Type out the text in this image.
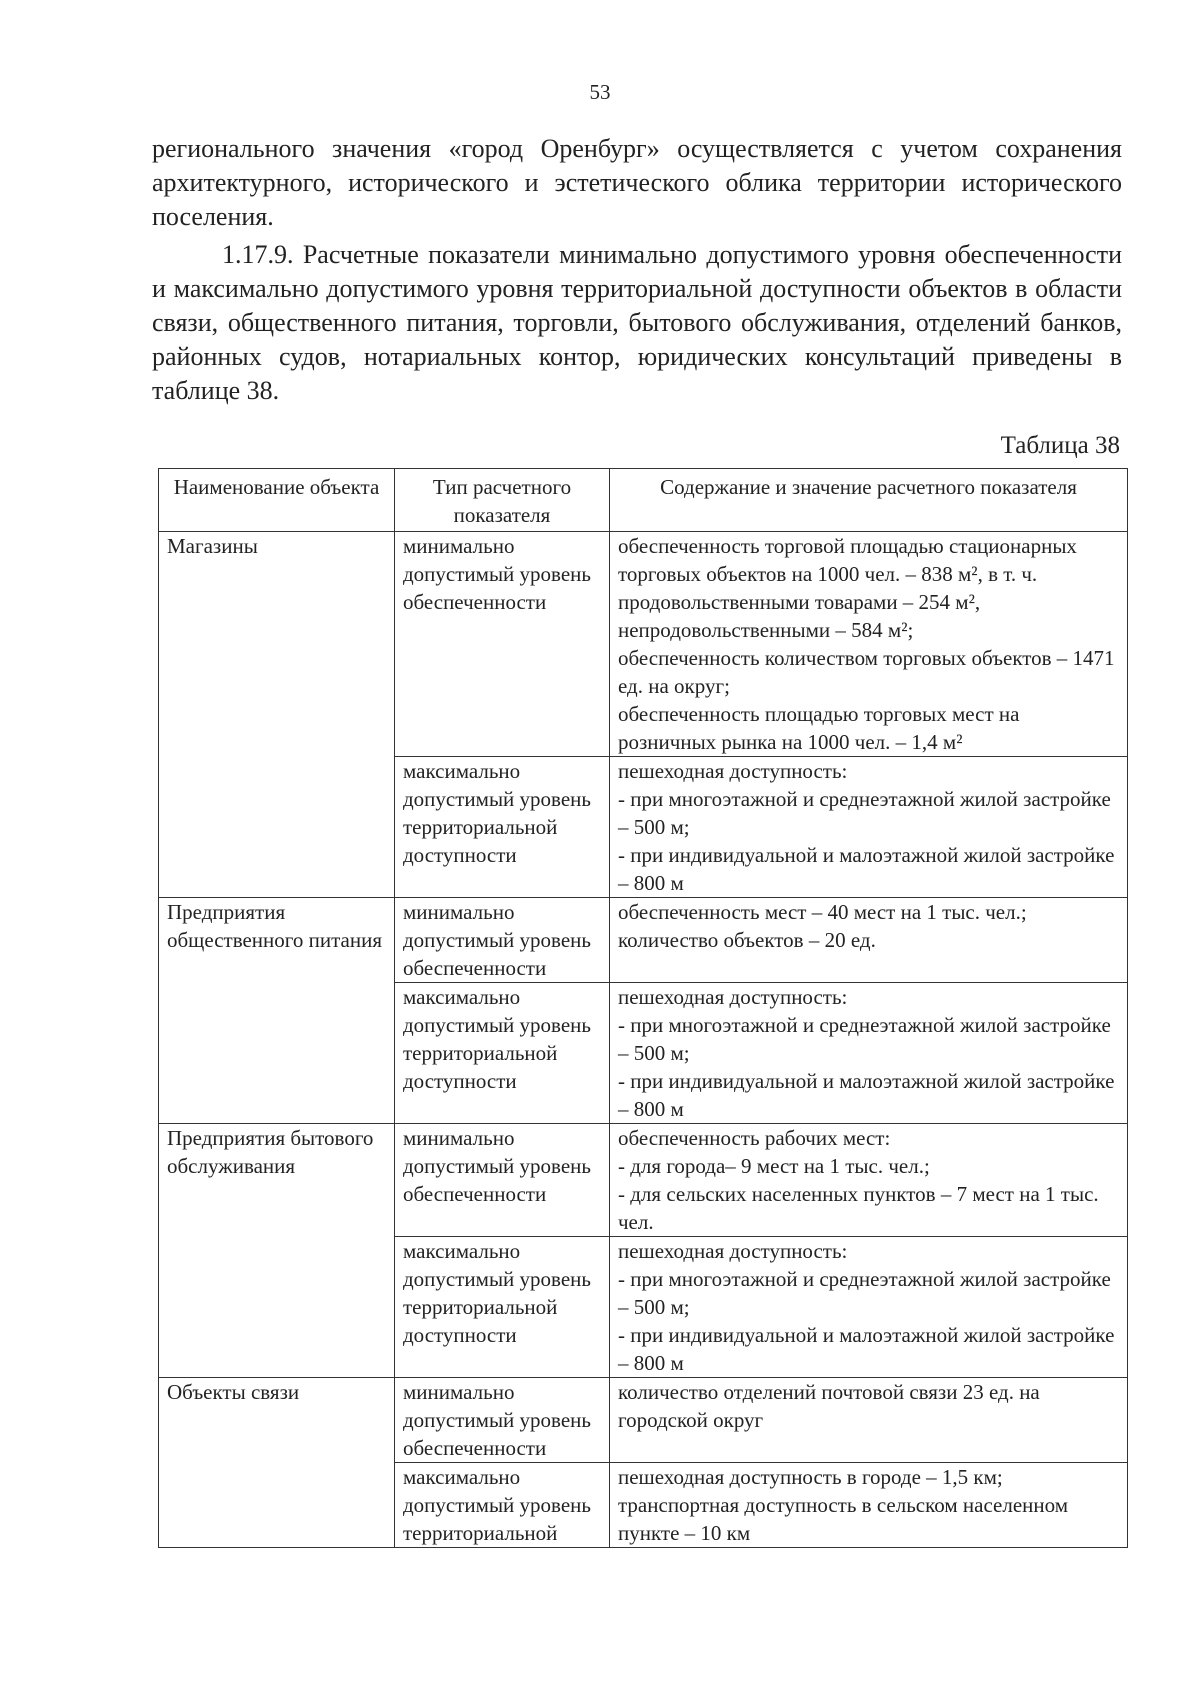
53
регионального значения «город Оренбург» осуществляется с учетом сохранения архитектурного, исторического и эстетического облика территории исторического поселения.
1.17.9. Расчетные показатели минимально допустимого уровня обеспеченности и максимально допустимого уровня территориальной доступности объектов в области связи, общественного питания, торговли, бытового обслуживания, отделений банков, районных судов, нотариальных контор, юридических консультаций приведены в таблице 38.
Таблица 38
Наименование объекта	Тип расчетного показателя	Содержание и значение расчетного показателя
Магазины	минимально допустимый уровень обеспеченности	обеспеченность торговой площадью стационарных торговых объектов на 1000 чел. – 838 м², в т. ч. продовольственными товарами – 254 м², непродовольственными – 584 м²;
обеспеченность количеством торговых объектов – 1471 ед. на округ;
обеспеченность площадью торговых мест на розничных рынка на 1000 чел. – 1,4 м²

	максимально допустимый уровень территориальной доступности	пешеходная доступность:
- при многоэтажной и среднеэтажной жилой застройке – 500 м;
- при индивидуальной и малоэтажной жилой застройке – 800 м

Предприятия общественного питания	минимально допустимый уровень обеспеченности	обеспеченность мест – 40 мест на 1 тыс. чел.;
количество объектов – 20 ед.

	максимально допустимый уровень территориальной доступности	пешеходная доступность:
- при многоэтажной и среднеэтажной жилой застройке – 500 м;
- при индивидуальной и малоэтажной жилой застройке – 800 м

Предприятия бытового обслуживания	минимально допустимый уровень обеспеченности	обеспеченность рабочих мест:
- для города– 9 мест на 1 тыс. чел.;
- для сельских населенных пунктов – 7 мест на 1 тыс. чел.

	максимально допустимый уровень территориальной доступности	пешеходная доступность:
- при многоэтажной и среднеэтажной жилой застройке – 500 м;
- при индивидуальной и малоэтажной жилой застройке – 800 м

Объекты связи	минимально допустимый уровень обеспеченности	количество отделений почтовой связи 23 ед. на городской округ

	максимально допустимый уровень территориальной	пешеходная доступность в городе – 1,5 км;
транспортная доступность в сельском населенном пункте – 10 км
